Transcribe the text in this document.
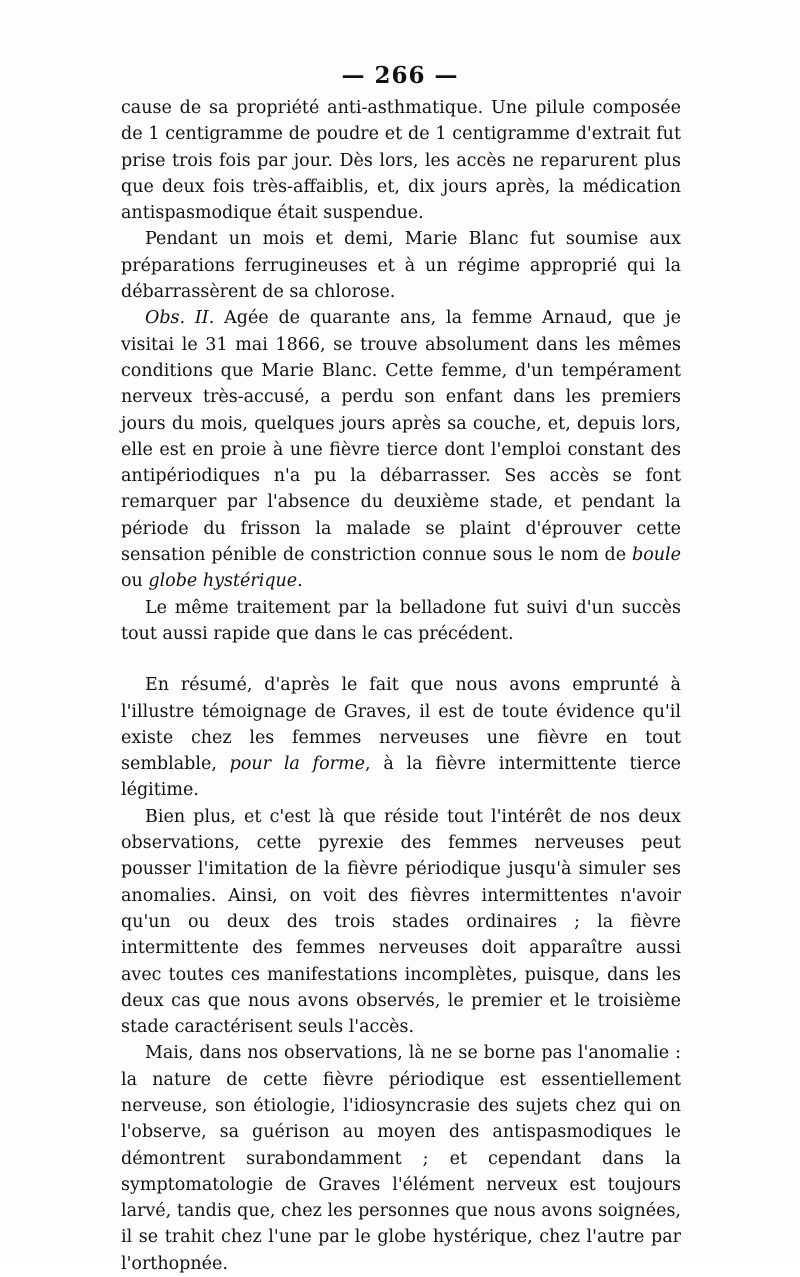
— 266 —

cause de sa propriété anti-asthmatique. Une pilule composée de 1 centigramme de poudre et de 1 centigramme d'extrait fut prise trois fois par jour. Dès lors, les accès ne reparurent plus que deux fois très-affaiblis, et, dix jours après, la médication antispasmodique était suspendue.

Pendant un mois et demi, Marie Blanc fut soumise aux préparations ferrugineuses et à un régime approprié qui la débarrassèrent de sa chlorose.

Obs. II. Agée de quarante ans, la femme Arnaud, que je visitai le 31 mai 1866, se trouve absolument dans les mêmes conditions que Marie Blanc. Cette femme, d'un tempérament nerveux très-accusé, a perdu son enfant dans les premiers jours du mois, quelques jours après sa couche, et, depuis lors, elle est en proie à une fièvre tierce dont l'emploi constant des antipériodiques n'a pu la débarrasser. Ses accès se font remarquer par l'absence du deuxième stade, et pendant la période du frisson la malade se plaint d'éprouver cette sensation pénible de constriction connue sous le nom de boule ou globe hystérique.

Le même traitement par la belladone fut suivi d'un succès tout aussi rapide que dans le cas précédent.

En résumé, d'après le fait que nous avons emprunté à l'illustre témoignage de Graves, il est de toute évidence qu'il existe chez les femmes nerveuses une fièvre en tout semblable, pour la forme, à la fièvre intermittente tierce légitime.

Bien plus, et c'est là que réside tout l'intérêt de nos deux observations, cette pyrexie des femmes nerveuses peut pousser l'imitation de la fièvre périodique jusqu'à simuler ses anomalies. Ainsi, on voit des fièvres intermittentes n'avoir qu'un ou deux des trois stades ordinaires ; la fièvre intermittente des femmes nerveuses doit apparaître aussi avec toutes ces manifestations incomplètes, puisque, dans les deux cas que nous avons observés, le premier et le troisième stade caractérisent seuls l'accès.

Mais, dans nos observations, là ne se borne pas l'anomalie : la nature de cette fièvre périodique est essentiellement nerveuse, son étiologie, l'idiosyncrasie des sujets chez qui on l'observe, sa guérison au moyen des antispasmodiques le démontrent surabondamment ; et cependant dans la symptomatologie de Graves l'élément nerveux est toujours larvé, tandis que, chez les personnes que nous avons soignées, il se trahit chez l'une par le globe hystérique, chez l'autre par l'orthopnée.
